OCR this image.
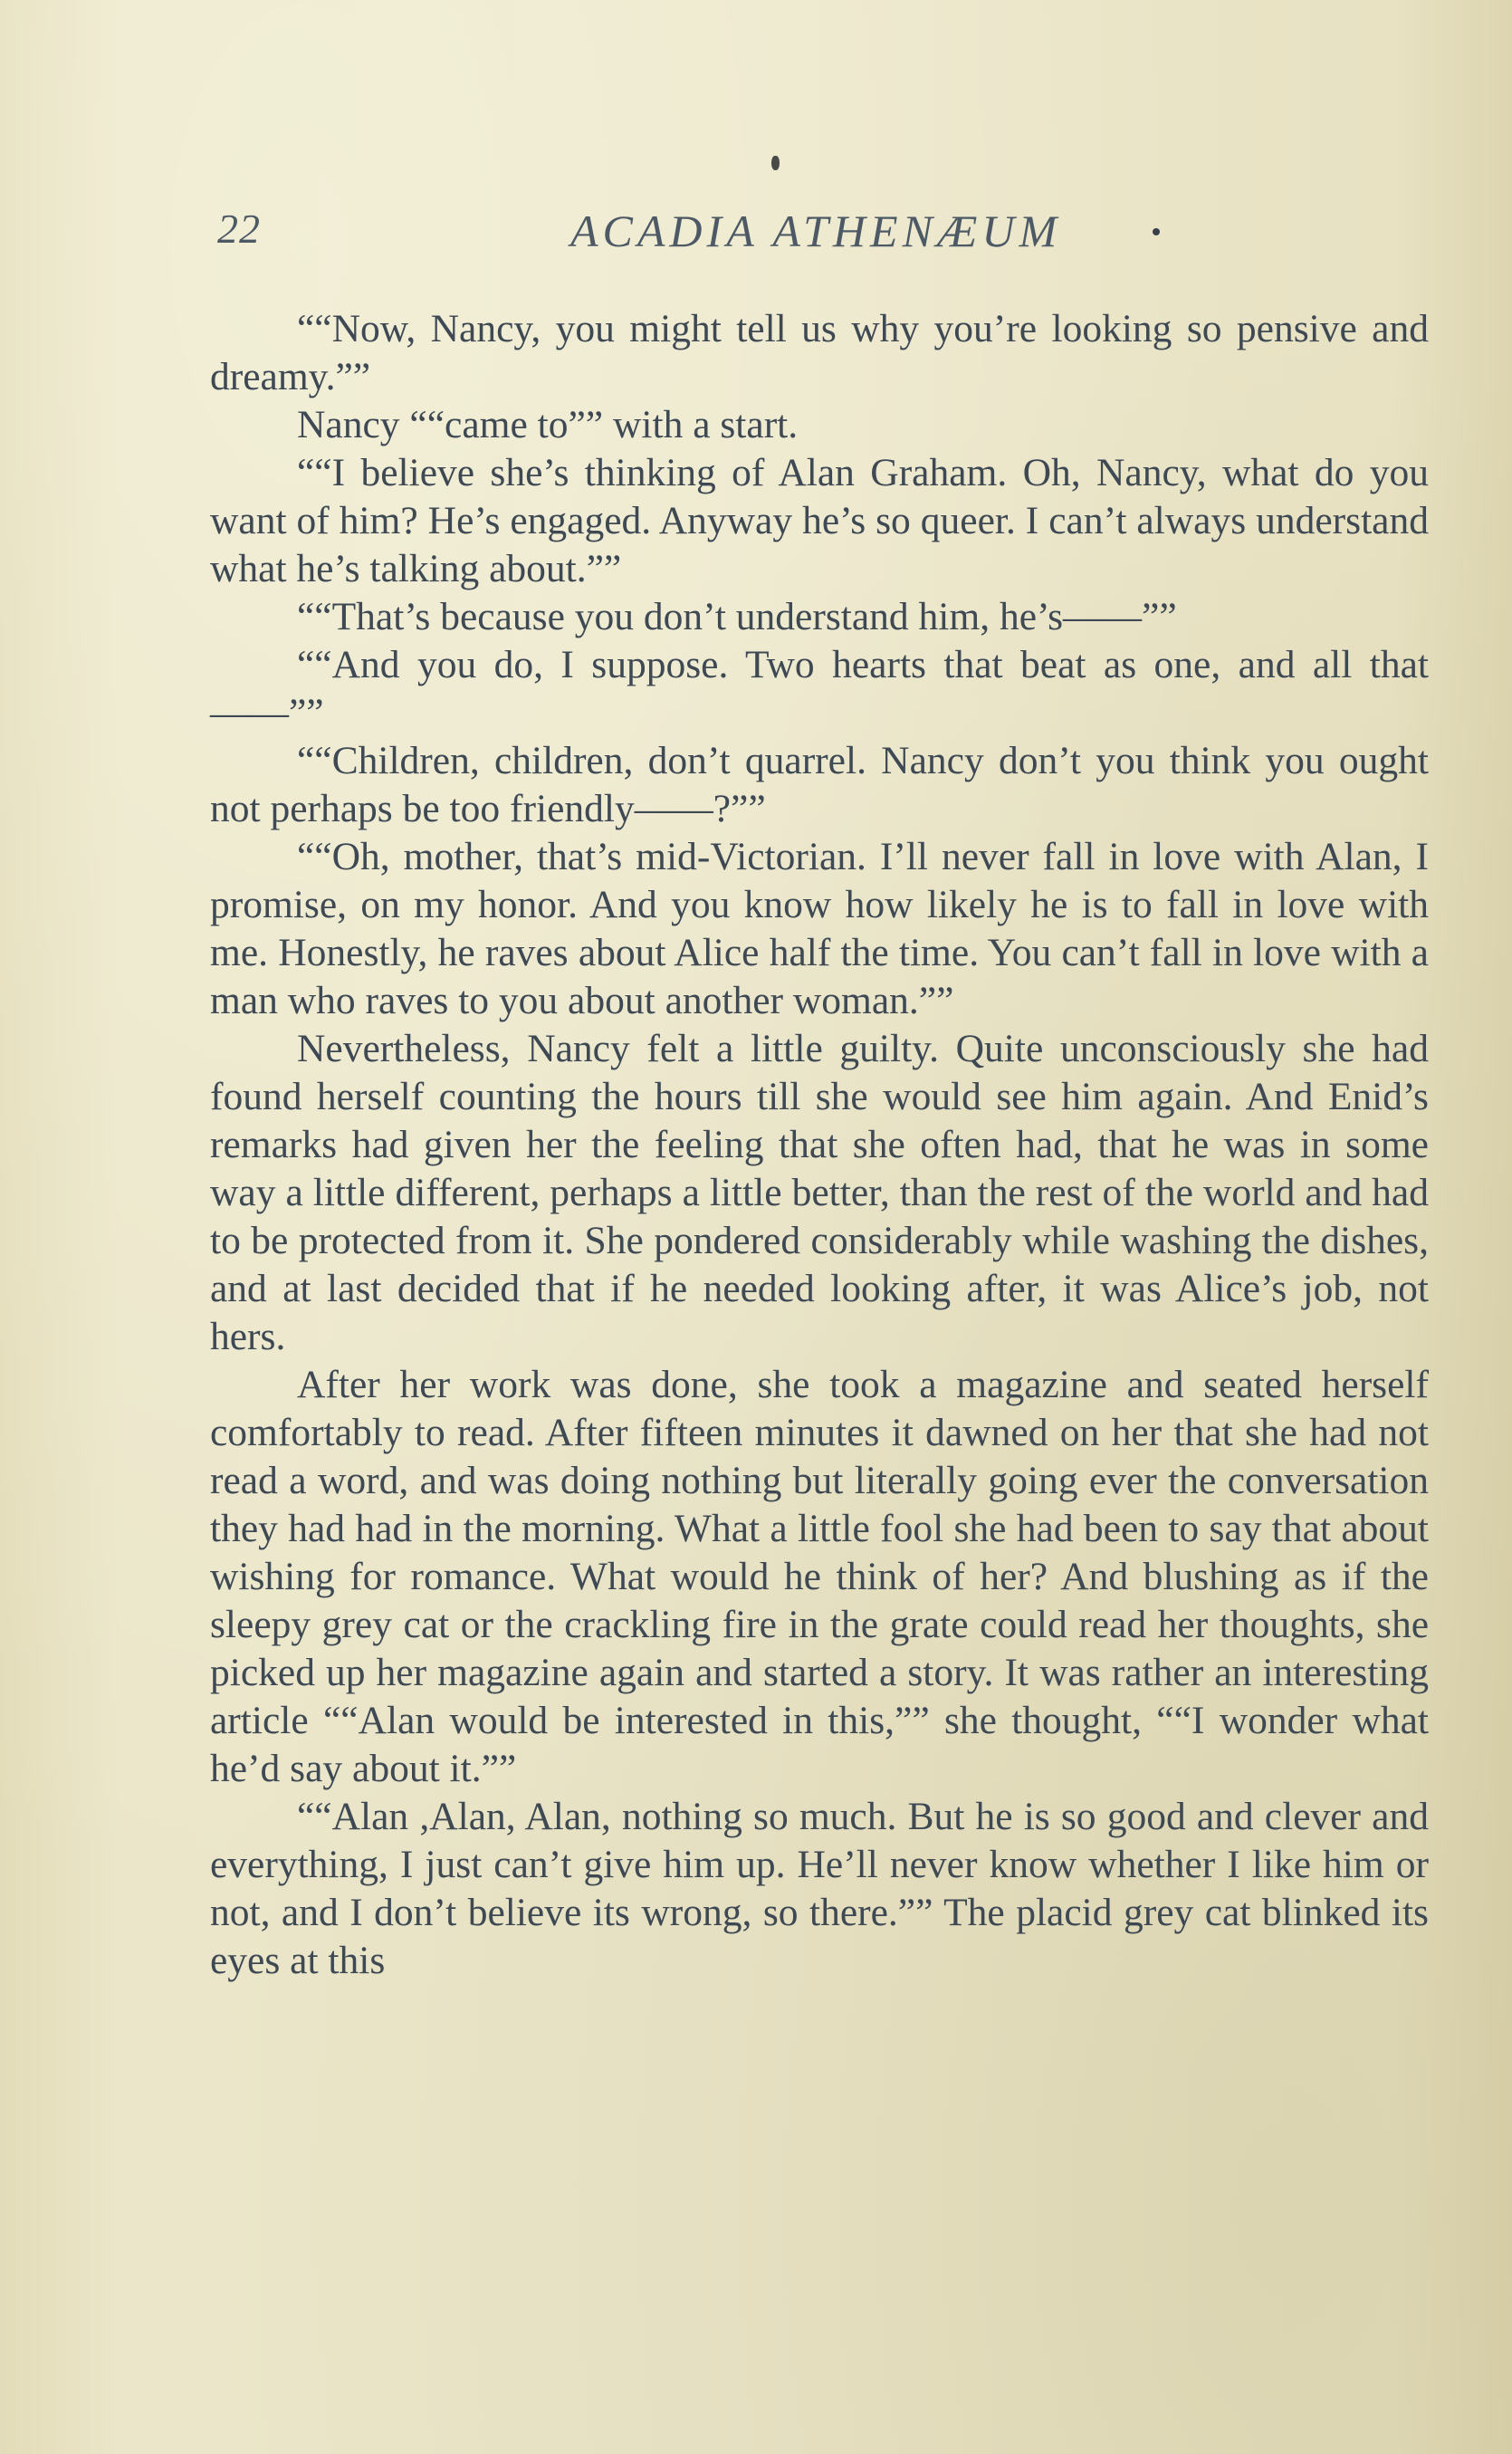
22	ACADIA ATHENÆUM

““Now, Nancy, you might tell us why you’re looking so pensive and dreamy.””

Nancy ““came to”” with a start.

““I believe she’s thinking of Alan Graham. Oh, Nancy, what do you want of him? He’s engaged. Anyway he’s so queer. I can’t always understand what he’s talking about.””

““That’s because you don’t understand him, he’s——””

““And you do, I suppose. Two hearts that beat as one, and all that——””

““Children, children, don’t quarrel. Nancy don’t you think you ought not perhaps be too friendly——?””

““Oh, mother, that’s mid-Victorian. I’ll never fall in love with Alan, I promise, on my honor. And you know how likely he is to fall in love with me. Honestly, he raves about Alice half the time. You can’t fall in love with a man who raves to you about another woman.””

Nevertheless, Nancy felt a little guilty. Quite unconsciously she had found herself counting the hours till she would see him again. And Enid’s remarks had given her the feeling that she often had, that he was in some way a little different, perhaps a little better, than the rest of the world and had to be protected from it. She pondered considerably while washing the dishes, and at last decided that if he needed looking after, it was Alice’s job, not hers.

After her work was done, she took a magazine and seated herself comfortably to read. After fifteen minutes it dawned on her that she had not read a word, and was doing nothing but literally going ever the conversation they had had in the morning. What a little fool she had been to say that about wishing for romance. What would he think of her? And blushing as if the sleepy grey cat or the crackling fire in the grate could read her thoughts, she picked up her magazine again and started a story. It was rather an interesting article ““Alan would be interested in this,”” she thought, ““I wonder what he’d say about it.””

““Alan ,Alan, Alan, nothing so much. But he is so good and clever and everything, I just can’t give him up. He’ll never know whether I like him or not, and I don’t believe its wrong, so there.”” The placid grey cat blinked its eyes at this
